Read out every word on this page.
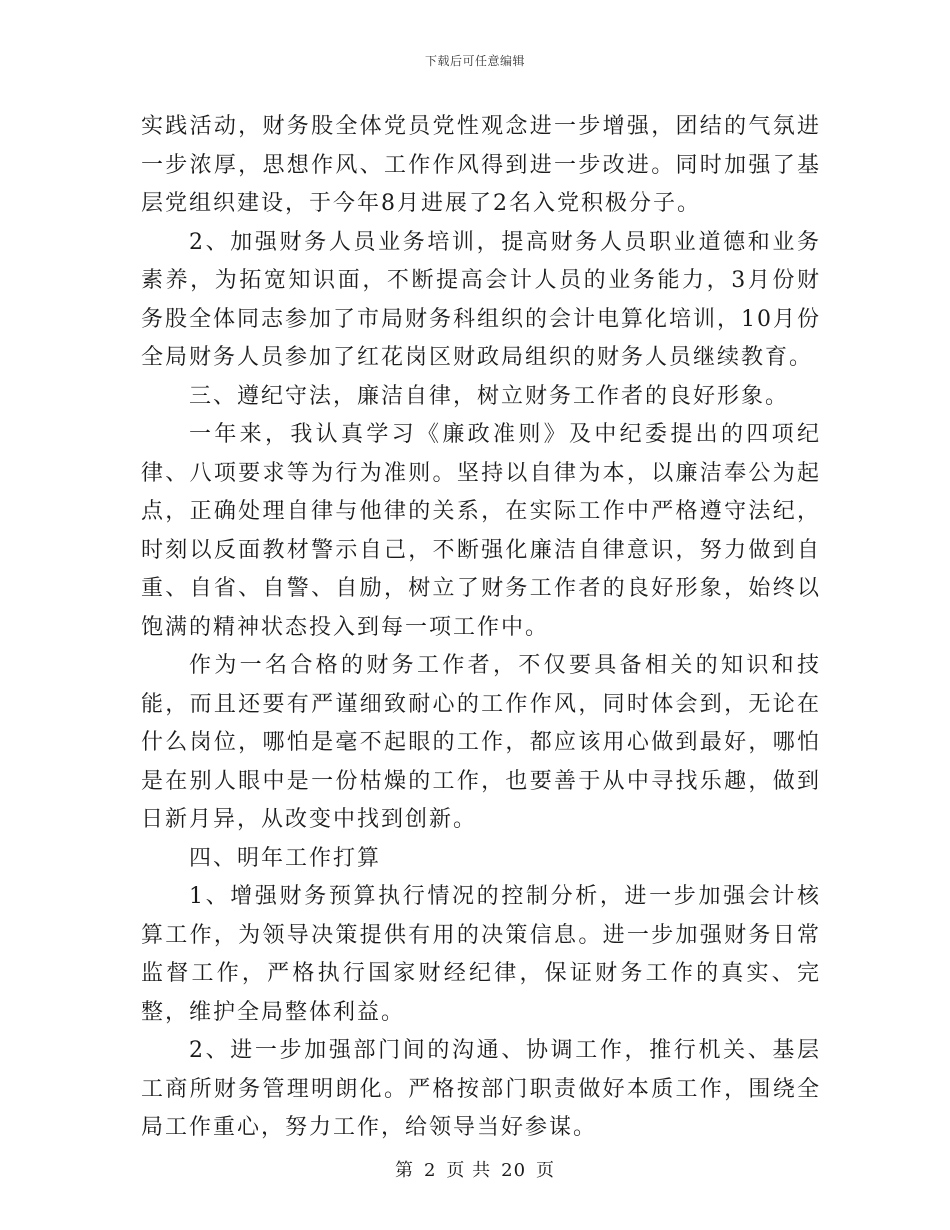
下载后可任意编辑

实践活动，财务股全体党员党性观念进一步增强，团结的气氛进一步浓厚，思想作风、工作作风得到进一步改进。同时加强了基层党组织建设，于今年8月进展了2名入党积极分子。

2、加强财务人员业务培训，提高财务人员职业道德和业务素养，为拓宽知识面，不断提高会计人员的业务能力，3月份财务股全体同志参加了市局财务科组织的会计电算化培训，10月份全局财务人员参加了红花岗区财政局组织的财务人员继续教育。

三、遵纪守法，廉洁自律，树立财务工作者的良好形象。

一年来，我认真学习《廉政准则》及中纪委提出的四项纪律、八项要求等为行为准则。坚持以自律为本，以廉洁奉公为起点，正确处理自律与他律的关系，在实际工作中严格遵守法纪，时刻以反面教材警示自己，不断强化廉洁自律意识，努力做到自重、自省、自警、自励，树立了财务工作者的良好形象，始终以饱满的精神状态投入到每一项工作中。

作为一名合格的财务工作者，不仅要具备相关的知识和技能，而且还要有严谨细致耐心的工作作风，同时体会到，无论在什么岗位，哪怕是毫不起眼的工作，都应该用心做到最好，哪怕是在别人眼中是一份枯燥的工作，也要善于从中寻找乐趣，做到日新月异，从改变中找到创新。

四、明年工作打算

1、增强财务预算执行情况的控制分析，进一步加强会计核算工作，为领导决策提供有用的决策信息。进一步加强财务日常监督工作，严格执行国家财经纪律，保证财务工作的真实、完整，维护全局整体利益。

2、进一步加强部门间的沟通、协调工作，推行机关、基层工商所财务管理明朗化。严格按部门职责做好本质工作，围绕全局工作重心，努力工作，给领导当好参谋。

第 2 页 共 20 页
